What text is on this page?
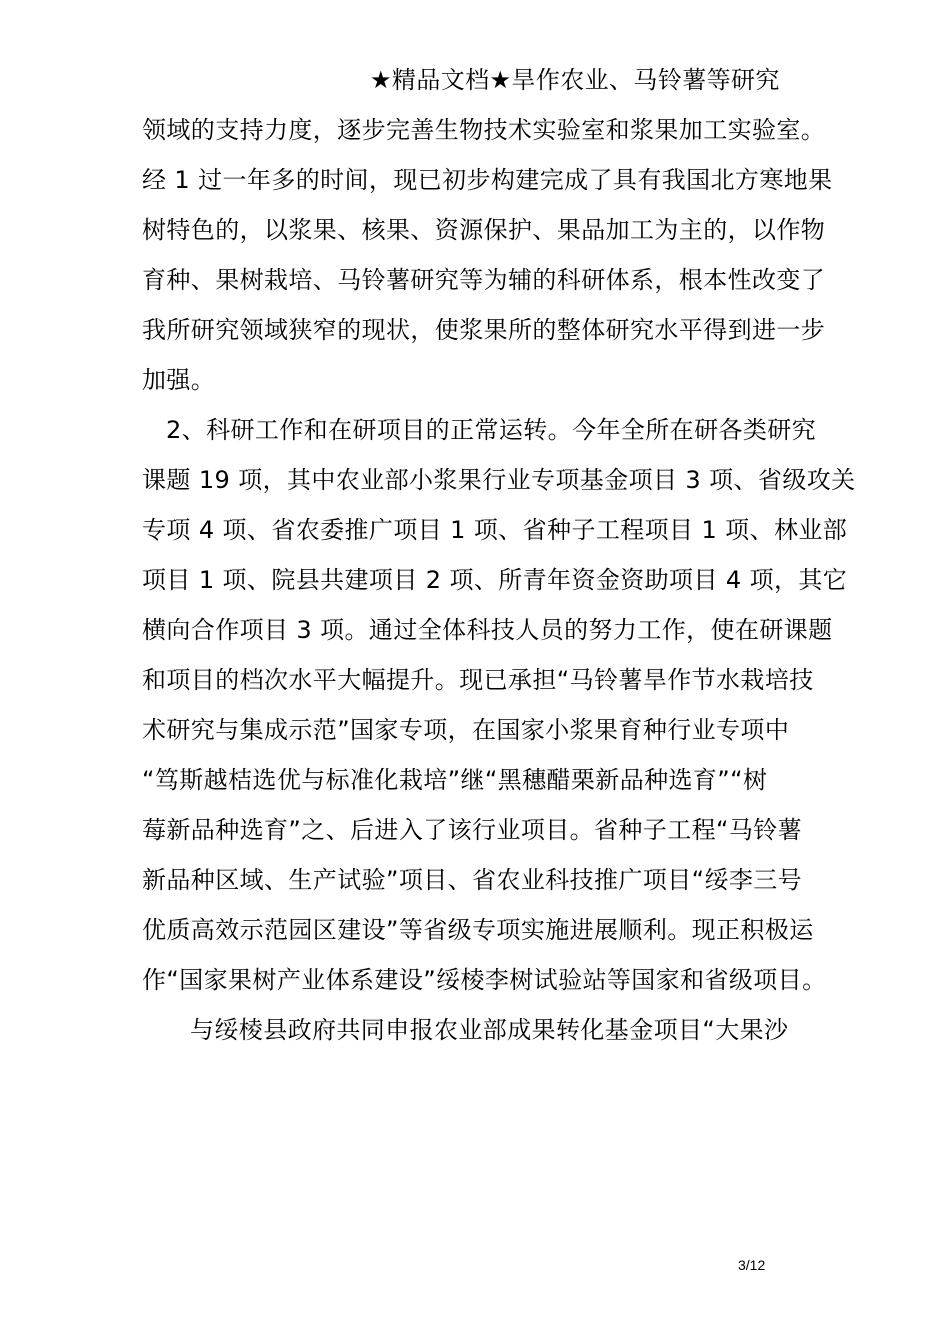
★精品文档★旱作农业、马铃薯等研究
领域的支持力度，逐步完善生物技术实验室和浆果加工实验室。
经 1 过一年多的时间，现已初步构建完成了具有我国北方寒地果
树特色的，以浆果、核果、资源保护、果品加工为主的，以作物
育种、果树栽培、马铃薯研究等为辅的科研体系，根本性改变了
我所研究领域狭窄的现状，使浆果所的整体研究水平得到进一步
加强。
2、科研工作和在研项目的正常运转。今年全所在研各类研究
课题 19 项，其中农业部小浆果行业专项基金项目 3 项、省级攻关
专项 4 项、省农委推广项目 1 项、省种子工程项目 1 项、林业部
项目 1 项、院县共建项目 2 项、所青年资金资助项目 4 项，其它
横向合作项目 3 项。通过全体科技人员的努力工作，使在研课题
和项目的档次水平大幅提升。现已承担“马铃薯旱作节水栽培技
术研究与集成示范”国家专项，在国家小浆果育种行业专项中
“笃斯越桔选优与标准化栽培”继“黑穗醋栗新品种选育”“树
莓新品种选育”之、后进入了该行业项目。省种子工程“马铃薯
新品种区域、生产试验”项目、省农业科技推广项目“绥李三号
优质高效示范园区建设”等省级专项实施进展顺利。现正积极运
作“国家果树产业体系建设”绥棱李树试验站等国家和省级项目。
与绥棱县政府共同申报农业部成果转化基金项目“大果沙
3/12
